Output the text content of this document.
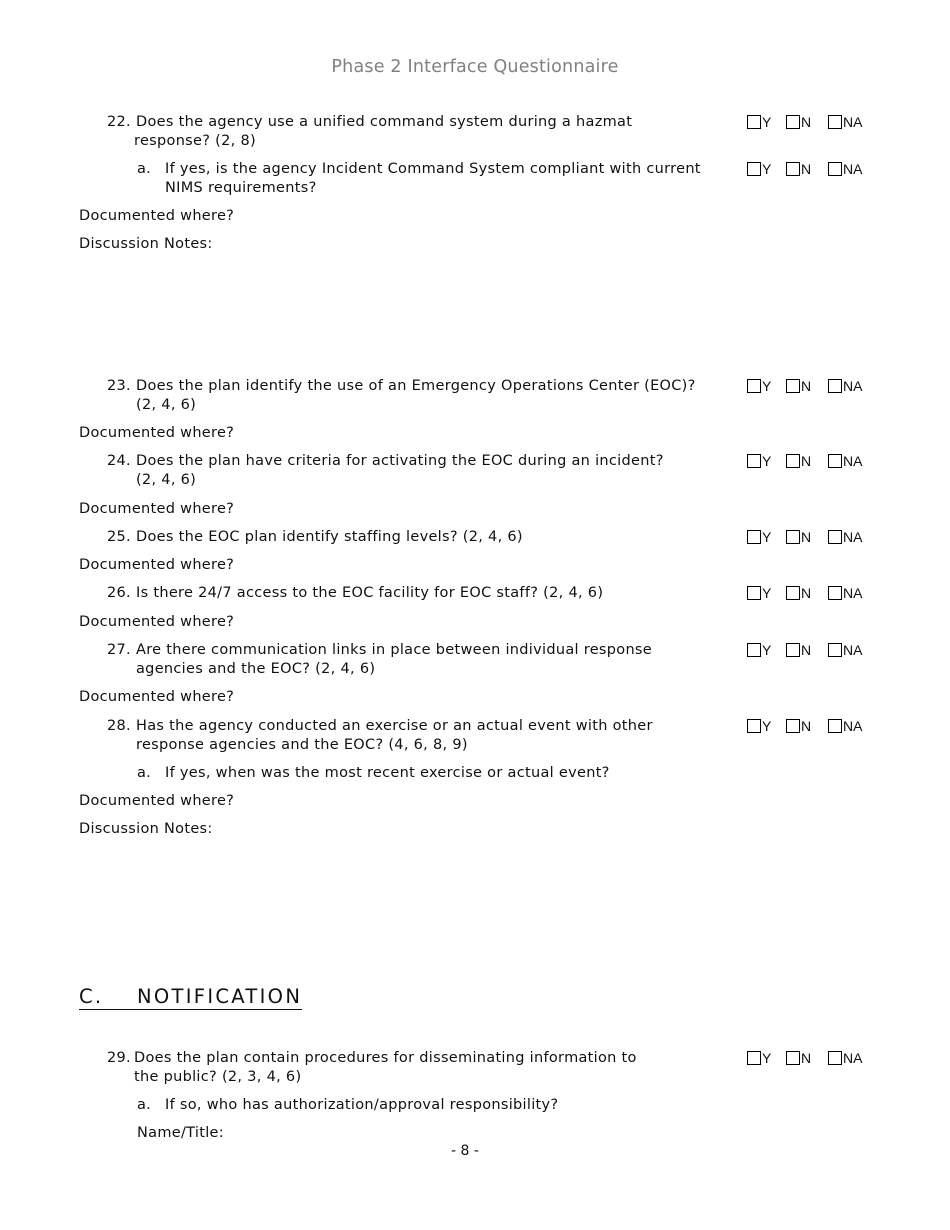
Phase 2 Interface Questionnaire
22. Does the agency use a unified command system during a hazmat
response? (2, 8)
Y N NA
a. If yes, is the agency Incident Command System compliant with current
NIMS requirements?
Y N NA
Documented where?
Discussion Notes:
23. Does the plan identify the use of an Emergency Operations Center (EOC)?
(2, 4, 6)
Y N NA
Documented where?
24. Does the plan have criteria for activating the EOC during an incident?
(2, 4, 6)
Y N NA
Documented where?
25. Does the EOC plan identify staffing levels? (2, 4, 6)	Y N NA
Documented where?
26. Is there 24/7 access to the EOC facility for EOC staff? (2, 4, 6)	Y N NA
Documented where?
27. Are there communication links in place between individual response
agencies and the EOC? (2, 4, 6)
Y N NA
Documented where?
28. Has the agency conducted an exercise or an actual event with other
response agencies and the EOC? (4, 6, 8, 9)
Y N NA
a. If yes, when was the most recent exercise or actual event?
Documented where?
Discussion Notes:
C. NOTIFICATION
29. Does the plan contain procedures for disseminating information to
the public? (2, 3, 4, 6)
Y N NA
a. If so, who has authorization/approval responsibility?
Name/Title:
- 8 -
